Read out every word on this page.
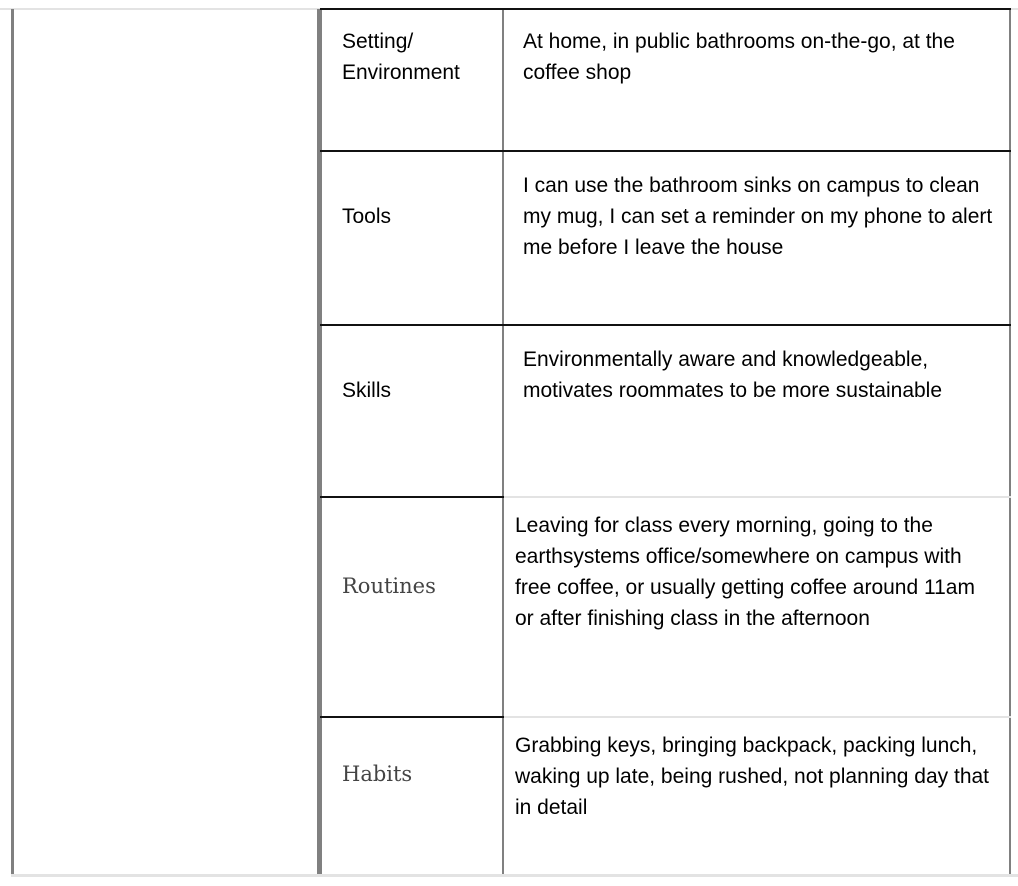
Setting/
Environment
At home, in public bathrooms on-the-go, at the coffee shop
Tools
I can use the bathroom sinks on campus to clean my mug, I can set a reminder on my phone to alert me before I leave the house
Skills
Environmentally aware and knowledgeable, motivates roommates to be more sustainable
Routines
Leaving for class every morning, going to the earthsystems office/somewhere on campus with free coffee, or usually getting coffee around 11am or after finishing class in the afternoon
Habits
Grabbing keys, bringing backpack, packing lunch, waking up late, being rushed, not planning day that in detail
